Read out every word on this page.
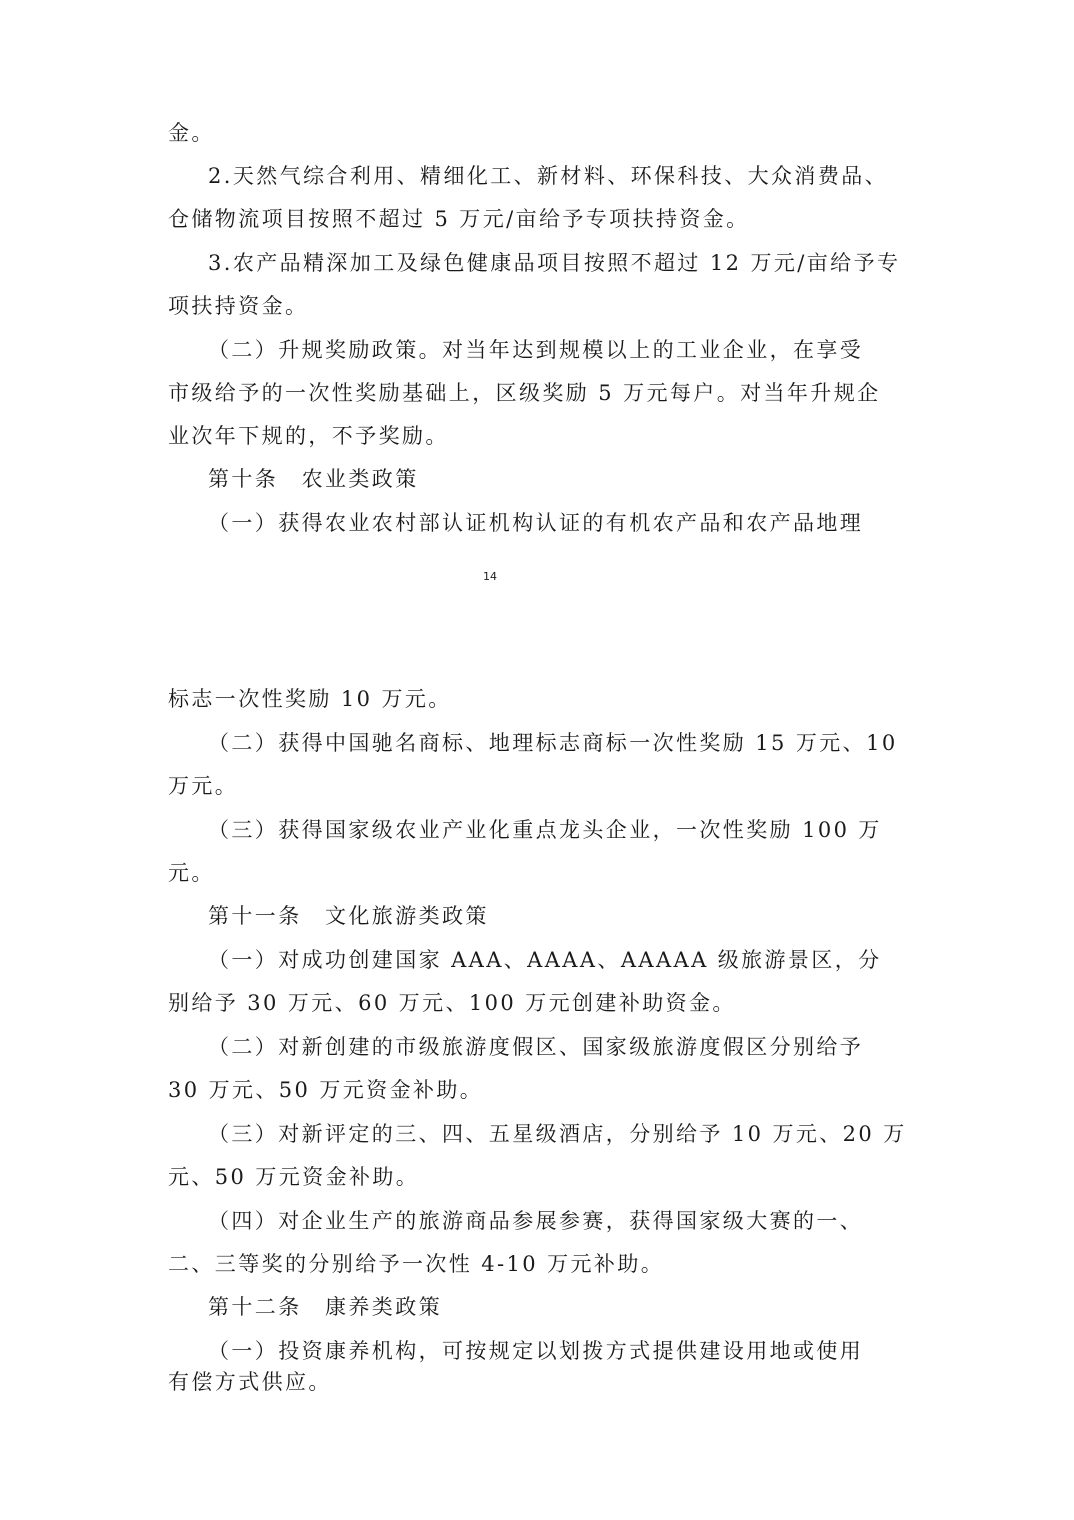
金。
2.天然气综合利用、精细化工、新材料、环保科技、大众消费品、
仓储物流项目按照不超过 5 万元/亩给予专项扶持资金。
3.农产品精深加工及绿色健康品项目按照不超过 12 万元/亩给予专
项扶持资金。
（二）升规奖励政策。对当年达到规模以上的工业企业，在享受
市级给予的一次性奖励基础上，区级奖励 5 万元每户。对当年升规企
业次年下规的，不予奖励。
第十条　农业类政策
（一）获得农业农村部认证机构认证的有机农产品和农产品地理
14
标志一次性奖励 10 万元。
（二）获得中国驰名商标、地理标志商标一次性奖励 15 万元、10
万元。
（三）获得国家级农业产业化重点龙头企业，一次性奖励 100 万
元。
第十一条　文化旅游类政策
（一）对成功创建国家 AAA、AAAA、AAAAA 级旅游景区，分
别给予 30 万元、60 万元、100 万元创建补助资金。
（二）对新创建的市级旅游度假区、国家级旅游度假区分别给予
30 万元、50 万元资金补助。
（三）对新评定的三、四、五星级酒店，分别给予 10 万元、20 万
元、50 万元资金补助。
（四）对企业生产的旅游商品参展参赛，获得国家级大赛的一、
二、三等奖的分别给予一次性 4-10 万元补助。
第十二条　康养类政策
（一）投资康养机构，可按规定以划拨方式提供建设用地或使用
有偿方式供应。
